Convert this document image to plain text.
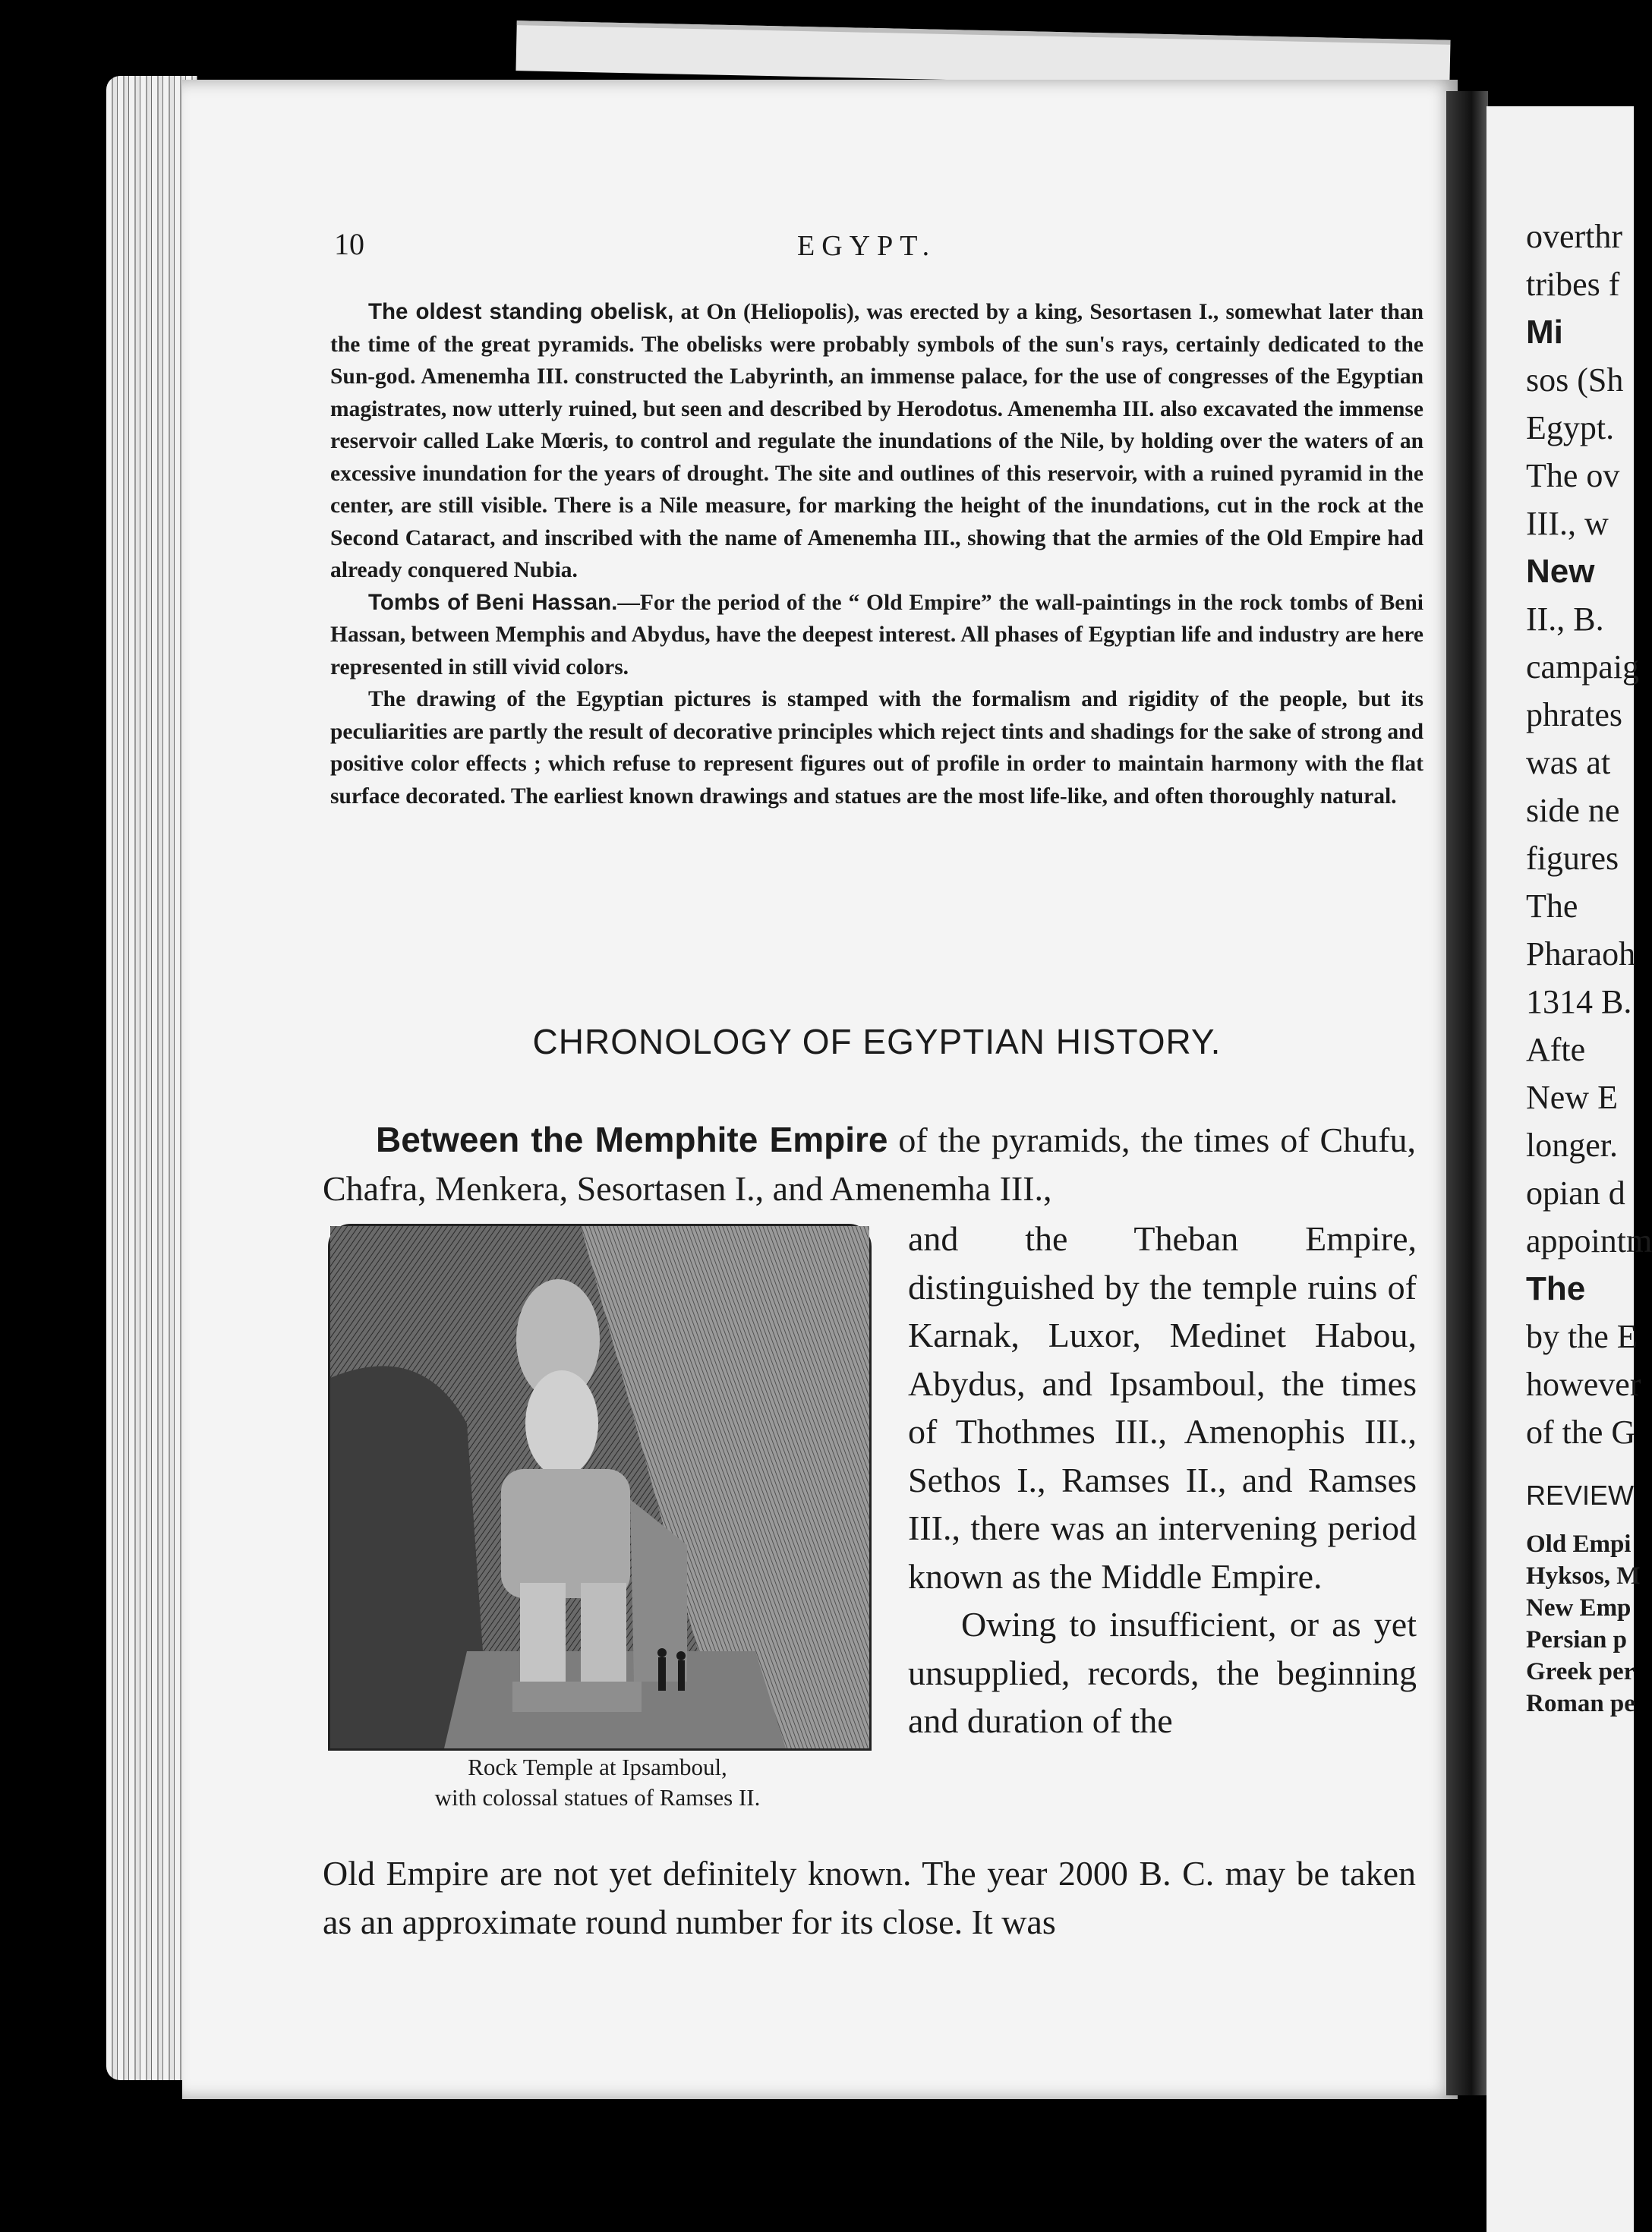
overthr
tribes f
Mi
sos (Sh
Egypt.
The ov
III., w
New
II., B.
campaig
phrates
was at
side ne
figures
The
Pharaoh
1314 B.
Afte
New E
longer.
opian d
appointm
The
by the E
however
of the G
REVIEW
Old Empi
Hyksos, M
New Emp
Persian p
Greek per
Roman pe
10	EGYPT.

The oldest standing obelisk, at On (Heliopolis), was erected by a king, Sesortasen I., somewhat later than the time of the great pyramids. The obelisks were probably symbols of the sun's rays, certainly dedicated to the Sun-god. Amenemha III. constructed the Labyrinth, an immense palace, for the use of congresses of the Egyptian magistrates, now utterly ruined, but seen and described by Herodotus. Amenemha III. also excavated the immense reservoir called Lake Mœris, to control and regulate the inundations of the Nile, by holding over the waters of an excessive inundation for the years of drought. The site and outlines of this reservoir, with a ruined pyramid in the center, are still visible. There is a Nile measure, for marking the height of the inundations, cut in the rock at the Second Cataract, and inscribed with the name of Amenemha III., showing that the armies of the Old Empire had already conquered Nubia.

Tombs of Beni Hassan.—For the period of the “ Old Empire” the wall-paintings in the rock tombs of Beni Hassan, between Memphis and Abydus, have the deepest interest. All phases of Egyptian life and industry are here represented in still vivid colors.

The drawing of the Egyptian pictures is stamped with the formalism and rigidity of the people, but its peculiarities are partly the result of decorative principles which reject tints and shadings for the sake of strong and positive color effects ; which refuse to represent figures out of profile in order to maintain harmony with the flat surface decorated. The earliest known drawings and statues are the most life-like, and often thoroughly natural.

CHRONOLOGY OF EGYPTIAN HISTORY.

Between the Memphite Empire of the pyramids, the times of Chufu, Chafra, Menkera, Sesortasen I., and Amenemha III.,

Rock Temple at Ipsamboul,
with colossal statues of Ramses II.

and the Theban Empire, distinguished by the temple ruins of Karnak, Luxor, Medinet Habou, Abydus, and Ipsamboul, the times of Thothmes III., Amenophis III., Sethos I., Ramses II., and Ramses III., there was an intervening period known as the Middle Empire.

Owing to insufficient, or as yet unsupplied, records, the beginning and duration of the

Old Empire are not yet definitely known. The year 2000 B. C. may be taken as an approximate round number for its close. It was
